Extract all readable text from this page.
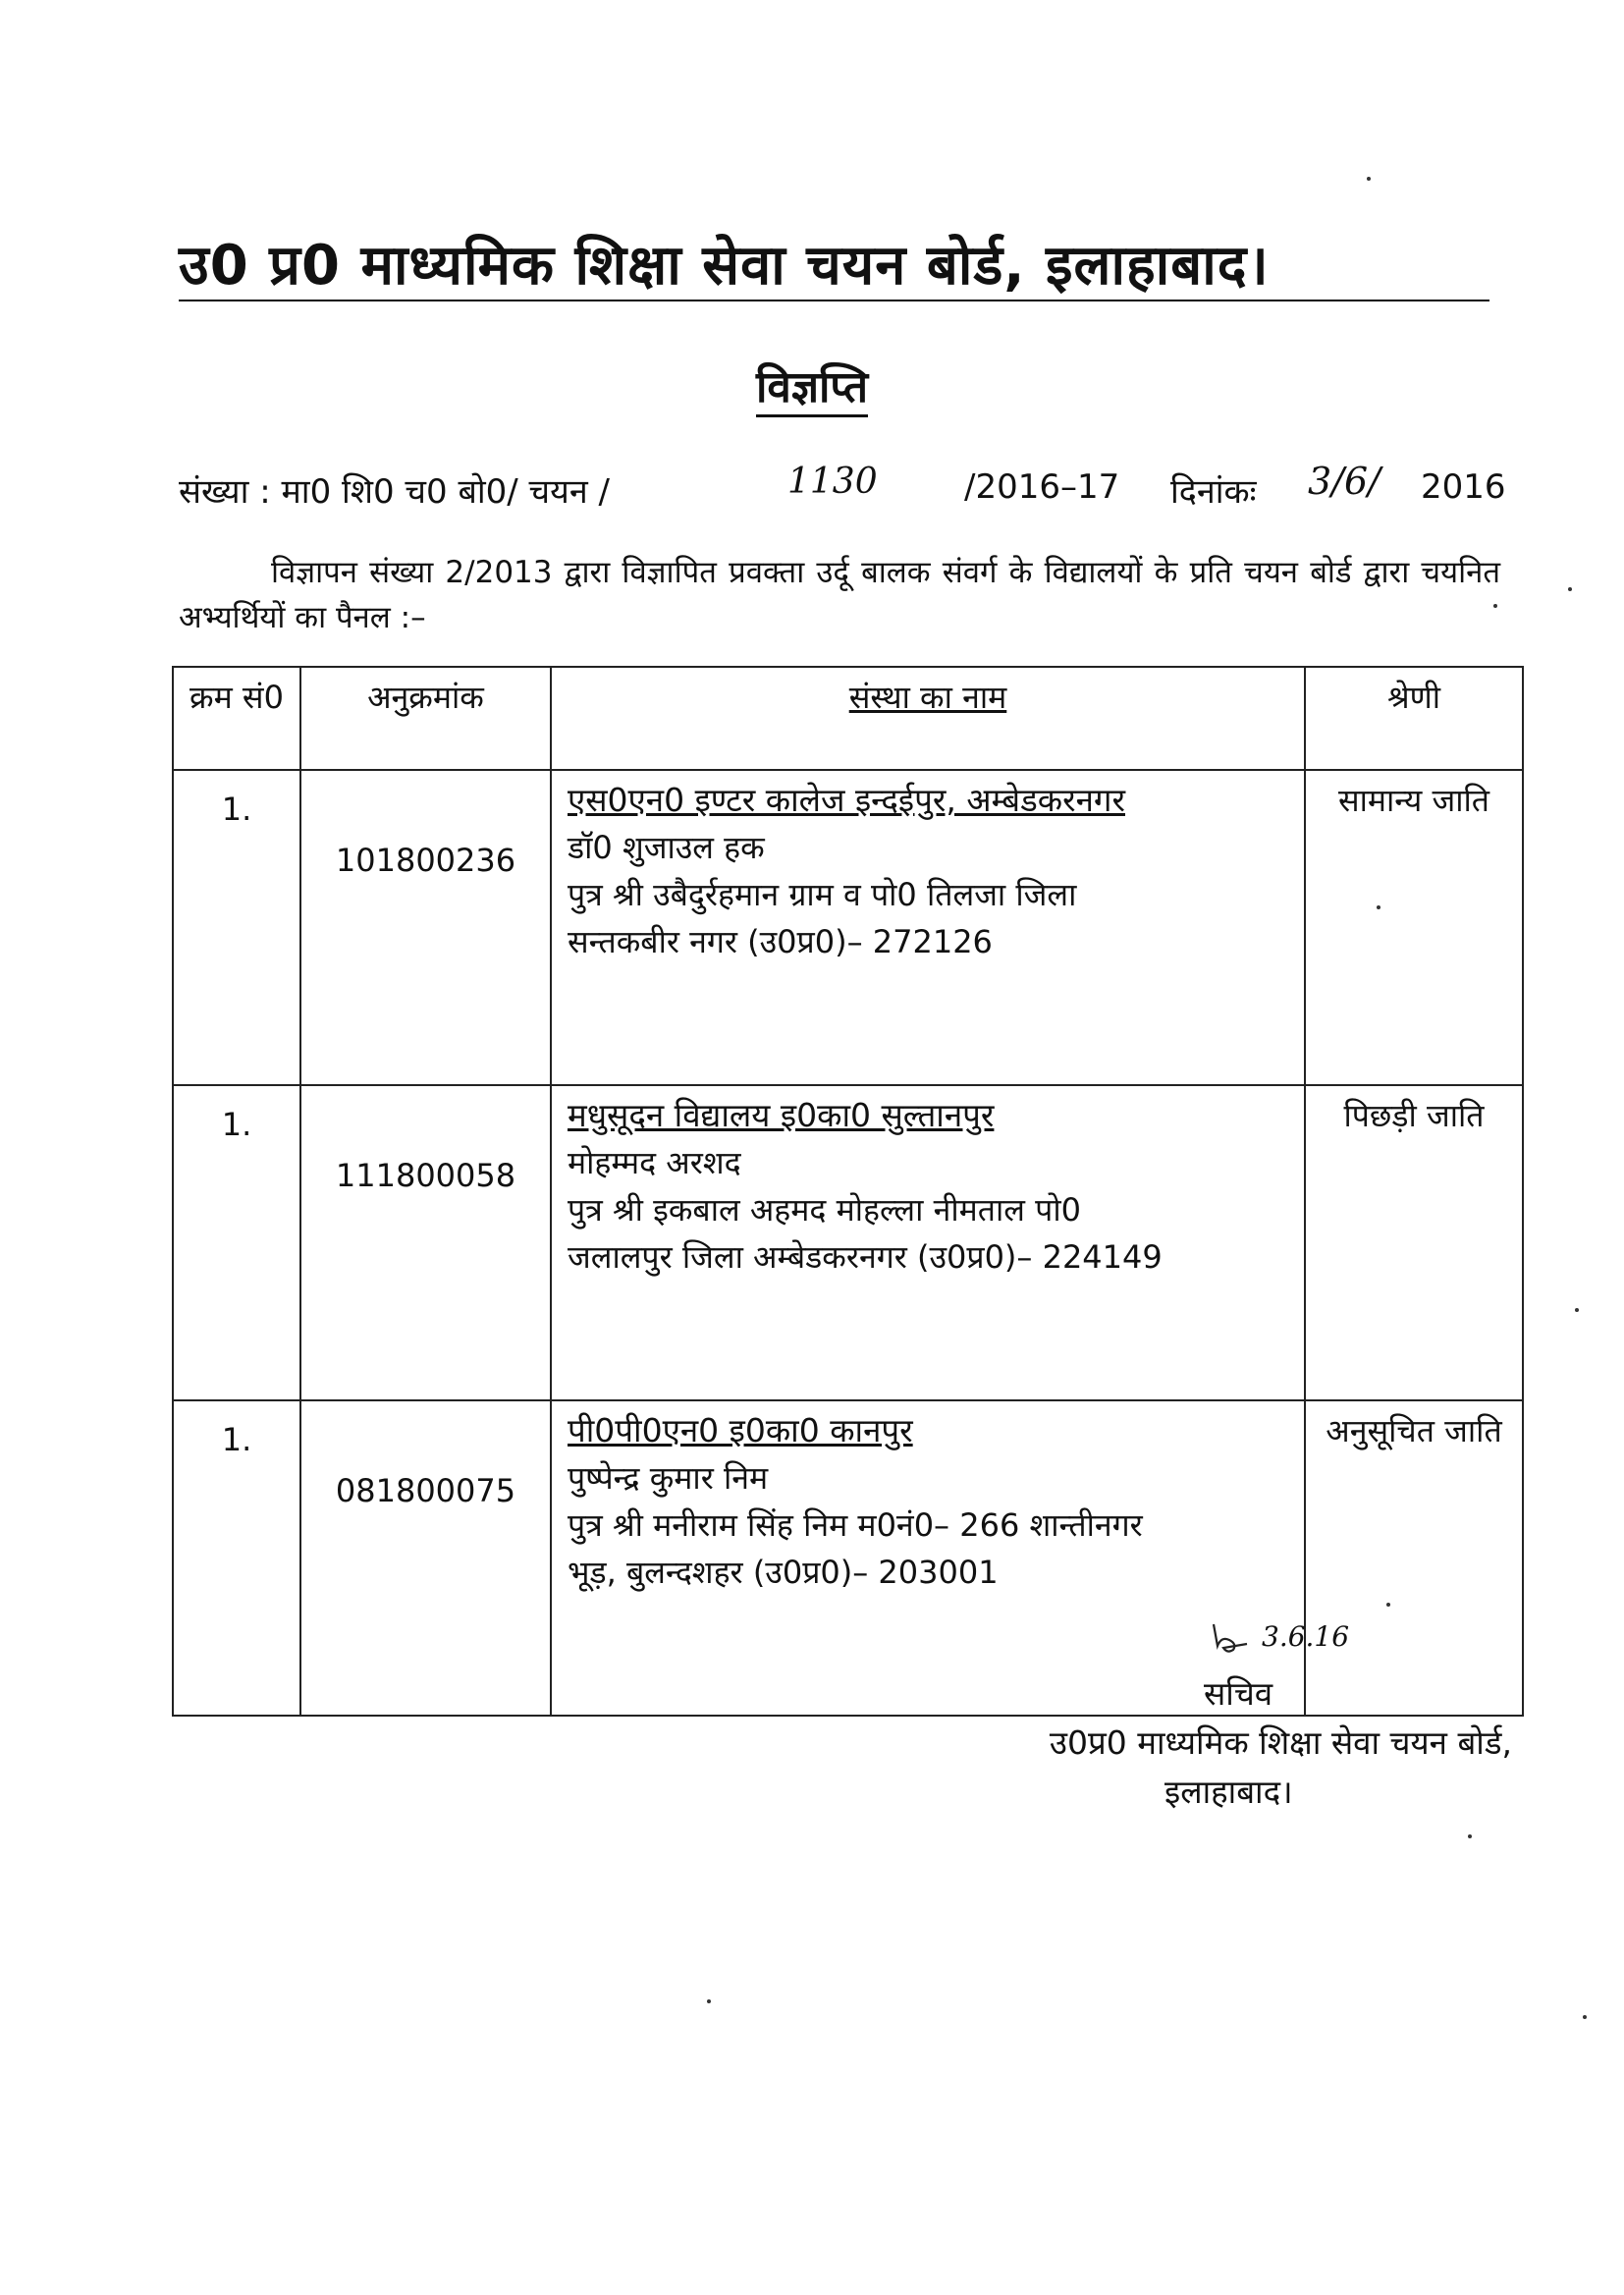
उ0 प्र0 माध्यमिक शिक्षा सेवा चयन बोर्ड, इलाहाबाद।
विज्ञप्ति
संख्या : मा0 शि0 च0 बो0/ चयन /	1130	/2016–17 दिनांकः 3/6/ 2016
विज्ञापन संख्या 2/2013 द्वारा विज्ञापित प्रवक्ता उर्दू बालक संवर्ग के विद्यालयों के प्रति चयन बोर्ड द्वारा चयनित अभ्यर्थियों का पैनल :–
क्रम सं0	अनुक्रमांक	संस्था का नाम	श्रेणी
1.	101800236	एस0एन0 इण्टर कालेज इन्दईपुर, अम्बेडकरनगर
डॉ0 शुजाउल हक
पुत्र श्री उबैदुर्रहमान ग्राम व पो0 तिलजा जिला
सन्तकबीर नगर (उ0प्र0)– 272126	सामान्य जाति
1.	111800058	मधुसूदन विद्यालय इ0का0 सुल्तानपुर
मोहम्मद अरशद
पुत्र श्री इकबाल अहमद मोहल्ला नीमताल पो0
जलालपुर जिला अम्बेडकरनगर (उ0प्र0)– 224149	पिछड़ी जाति
1.	081800075	पी0पी0एन0 इ0का0 कानपुर
पुष्पेन्द्र कुमार निम
पुत्र श्री मनीराम सिंह निम म0नं0– 266 शान्तीनगर
भूड़, बुलन्दशहर (उ0प्र0)– 203001	अनुसूचित जाति
3.6.16
सचिव
उ0प्र0 माध्यमिक शिक्षा सेवा चयन बोर्ड,
इलाहाबाद।
